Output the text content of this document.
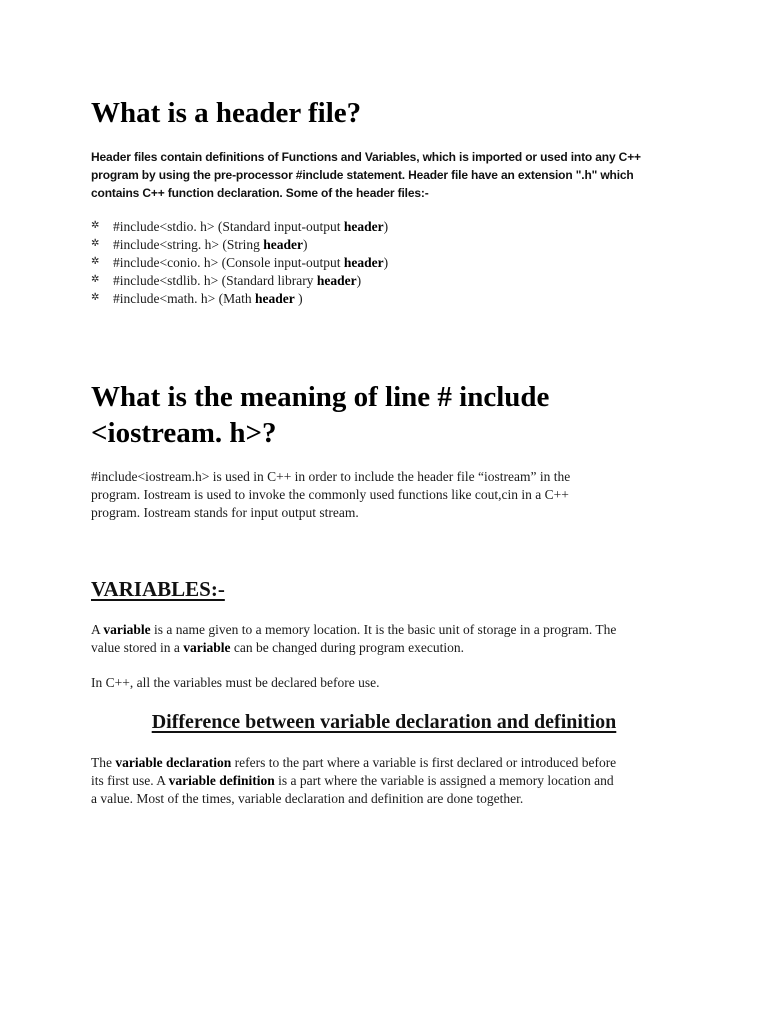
What is a header file?
Header files contain definitions of Functions and Variables, which is imported or used into any C++
program by using the pre-processor #include statement. Header file have an extension ".h" which
contains C++ function declaration. Some of the header files:-
✲ #include<stdio. h> (Standard input-output header)
✲ #include<string. h> (String header)
✲ #include<conio. h> (Console input-output header)
✲ #include<stdlib. h> (Standard library header)
✲ #include<math. h> (Math header )
What is the meaning of line # include
<iostream. h>?
#include<iostream.h> is used in C++ in order to include the header file “iostream” in the
program. Iostream is used to invoke the commonly used functions like cout,cin in a C++
program. Iostream stands for input output stream.
VARIABLES:-
A variable is a name given to a memory location. It is the basic unit of storage in a program. The
value stored in a variable can be changed during program execution.
In C++, all the variables must be declared before use.
Difference between variable declaration and definition
The variable declaration refers to the part where a variable is first declared or introduced before
its first use. A variable definition is a part where the variable is assigned a memory location and
a value. Most of the times, variable declaration and definition are done together.
